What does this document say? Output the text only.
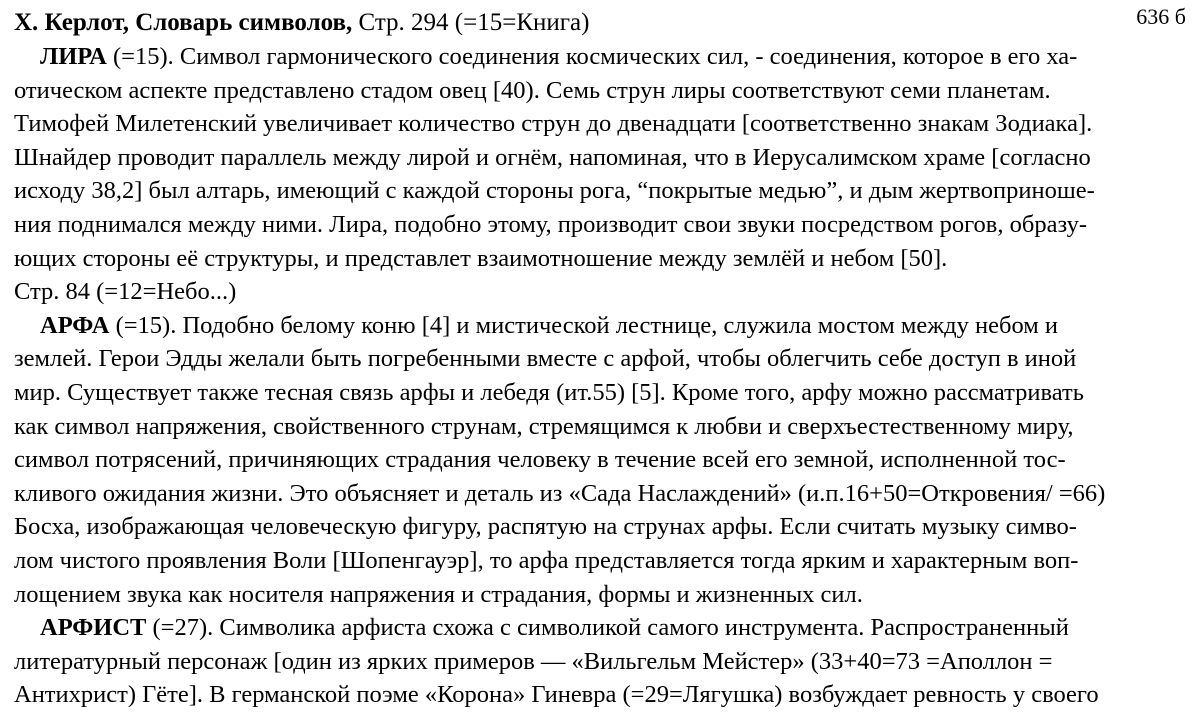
X. Керлот, Словарь символов, Стр. 294 (=15=Книга)	636 б

ЛИРА (=15). Символ гармонического соединения космических сил, - соединения, которое в его ха-
отическом аспекте представлено стадом овец [40). Семь струн лиры соответствуют семи планетам.
Тимофей Милетенский увеличивает количество струн до двенадцати [соответственно знакам Зодиака].
Шнайдер проводит параллель между лирой и огнём, напоминая, что в Иерусалимском храме [согласно
исходу 38,2] был алтарь, имеющий с каждой стороны рога, “покрытые медью”, и дым жертвоприноше-
ния поднимался между ними. Лира, подобно этому, производит свои звуки посредством рогов, образу-
ющих стороны её структуры, и представлет взаимотношение между землёй и небом [50].
Стр. 84 (=12=Небо...)

АРФА (=15). Подобно белому коню [4] и мистической лестнице, служила мостом между небом и
землей. Герои Эдды желали быть погребенными вместе с арфой, чтобы облегчить себе доступ в иной
мир. Существует также тесная связь арфы и лебедя (ит.55) [5]. Кроме того, арфу можно рассматривать
как символ напряжения, свойственного струнам, стремящимся к любви и сверхъестественному миру,
символ потрясений, причиняющих страдания человеку в течение всей его земной, исполненной тос-
кливого ожидания жизни. Это объясняет и деталь из «Сада Наслаждений» (и.п.16+50=Откровения/ =66)
Босха, изображающая человеческую фигуру, распятую на струнах арфы. Если считать музыку симво-
лом чистого проявления Воли [Шопенгауэр], то арфа представляется тогда ярким и характерным воп-
лощением звука как носителя напряжения и страдания, формы и жизненных сил.

АРФИСТ (=27). Символика арфиста схожа с символикой самого инструмента. Распространенный
литературный персонаж [один из ярких примеров — «Вильгельм Мейстер» (33+40=73 =Аполлон =
Антихрист) Гёте]. В германской поэме «Корона» Гиневра (=29=Лягушка) возбуждает ревность у своего
